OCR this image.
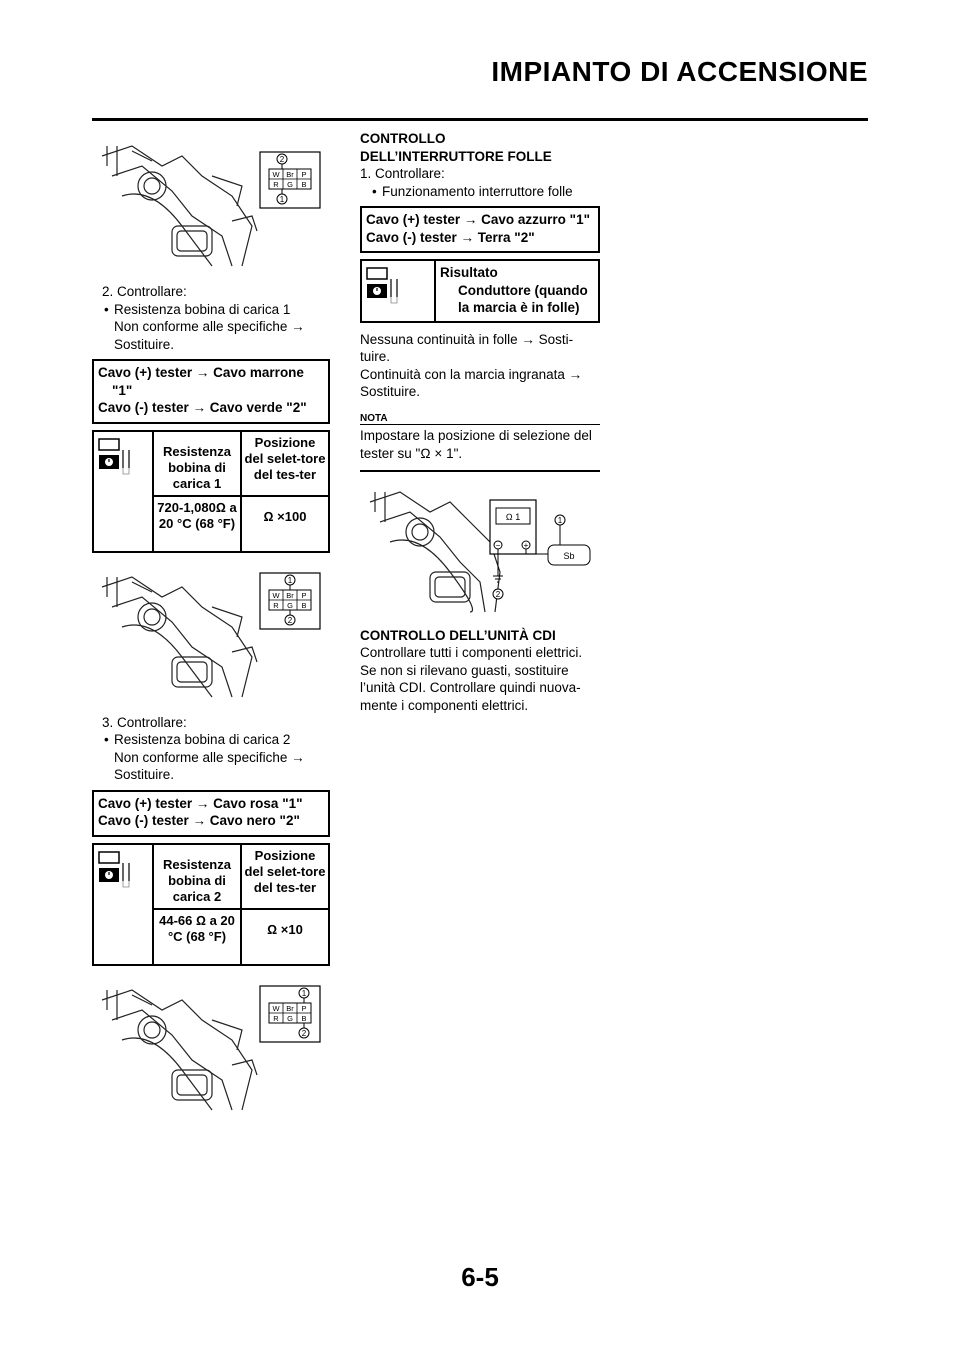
IMPIANTO DI ACCENSIONE
W Br P
R G B
2
1
2. Controllare:
• Resistenza bobina di carica 1
Non conforme alle specifiche →
Sostituire.
Cavo (+) tester → Cavo marrone "1"
Cavo (-) tester → Cavo verde "2"
	Resistenza bobina di carica 1	Posizione del selet-tore del tes-ter
	720-1,080Ω a 20 °C (68 °F)	Ω ×100
W Br P
R G B
1
2
3. Controllare:
• Resistenza bobina di carica 2
Non conforme alle specifiche →
Sostituire.
Cavo (+) tester → Cavo rosa "1"
Cavo (-) tester → Cavo nero "2"
	Resistenza bobina di carica 2	Posizione del selet-tore del tes-ter
	44-66 Ω a 20 °C (68 °F)	Ω ×10
W Br P
R G B
1
2
CONTROLLO
DELL’INTERRUTTORE FOLLE
1. Controllare:
• Funzionamento interruttore folle
Cavo (+) tester → Cavo azzurro "1"
Cavo (-) tester → Terra "2"
Risultato
Conduttore (quando la marcia è in folle)
Nessuna continuità in folle → Sosti-tuire.
Continuità con la marcia ingranata → Sostituire.
NOTA
Impostare la posizione di selezione del tester su "Ω × 1".
Ω 1
−	+
Sb
1
2
CONTROLLO DELL’UNITÀ CDI
Controllare tutti i componenti elettrici. Se non si rilevano guasti, sostituire l’unità CDI. Controllare quindi nuova-mente i componenti elettrici.
6-5
